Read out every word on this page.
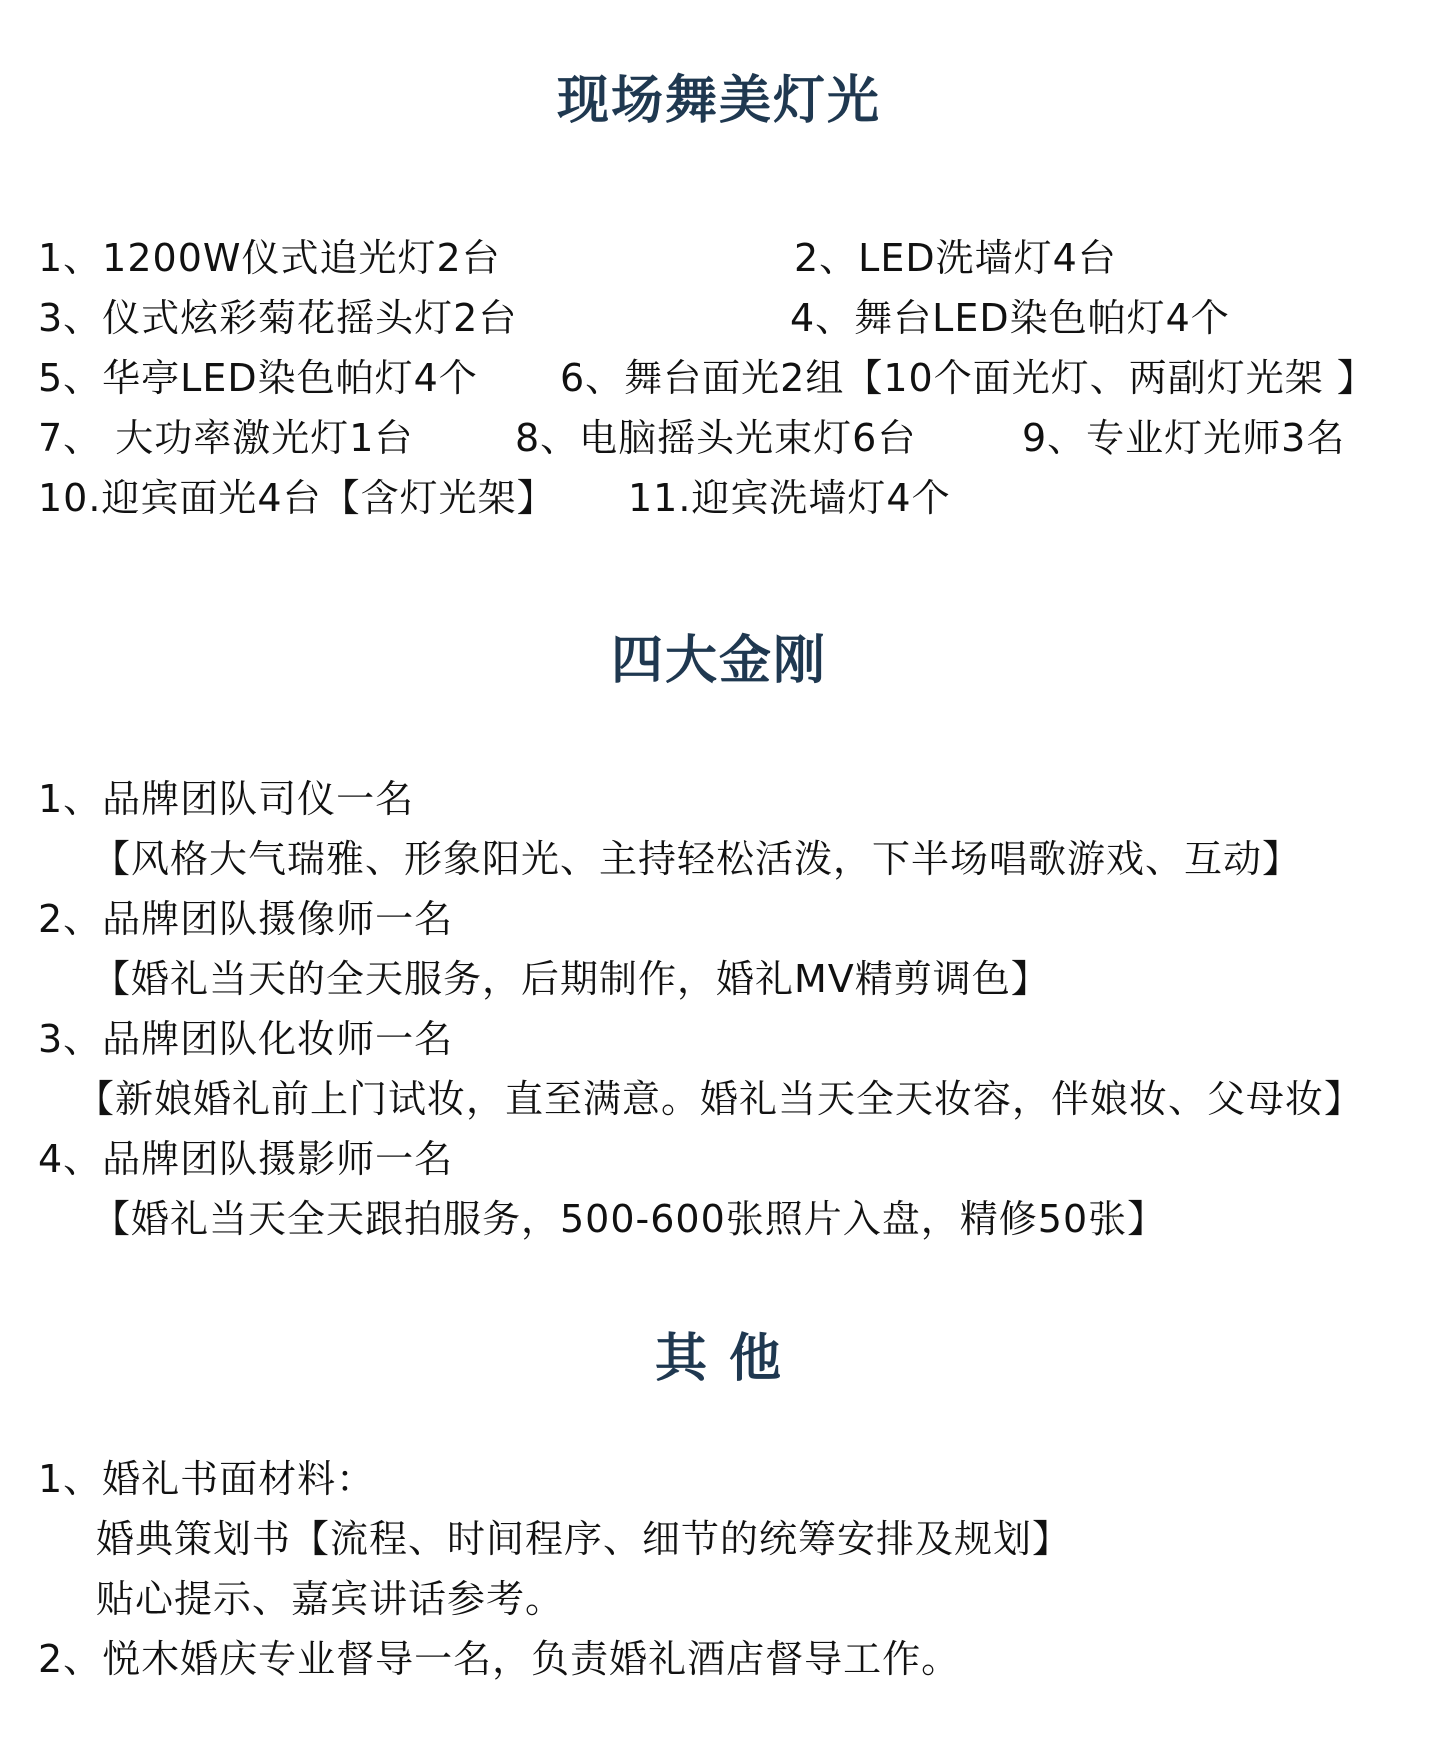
现场舞美灯光
1、1200W仪式追光灯2台	2、LED洗墙灯4台
3、仪式炫彩菊花摇头灯2台	4、舞台LED染色帕灯4个
5、华亭LED染色帕灯4个 6、舞台面光2组【10个面光灯、两副灯光架 】
7、 大功率激光灯1台	8、电脑摇头光束灯6台	9、专业灯光师3名
10.迎宾面光4台【含灯光架】 11.迎宾洗墙灯4个
四大金刚
1、品牌团队司仪一名
【风格大气瑞雅、形象阳光、主持轻松活泼，下半场唱歌游戏、互动】
2、品牌团队摄像师一名
【婚礼当天的全天服务，后期制作，婚礼MV精剪调色】
3、品牌团队化妆师一名
【新娘婚礼前上门试妆，直至满意。婚礼当天全天妆容，伴娘妆、父母妆】
4、品牌团队摄影师一名
【婚礼当天全天跟拍服务，500-600张照片入盘，精修50张】
其 他
1、婚礼书面材料：
婚典策划书【流程、时间程序、细节的统筹安排及规划】
贴心提示、嘉宾讲话参考。
2、悦木婚庆专业督导一名，负责婚礼酒店督导工作。
